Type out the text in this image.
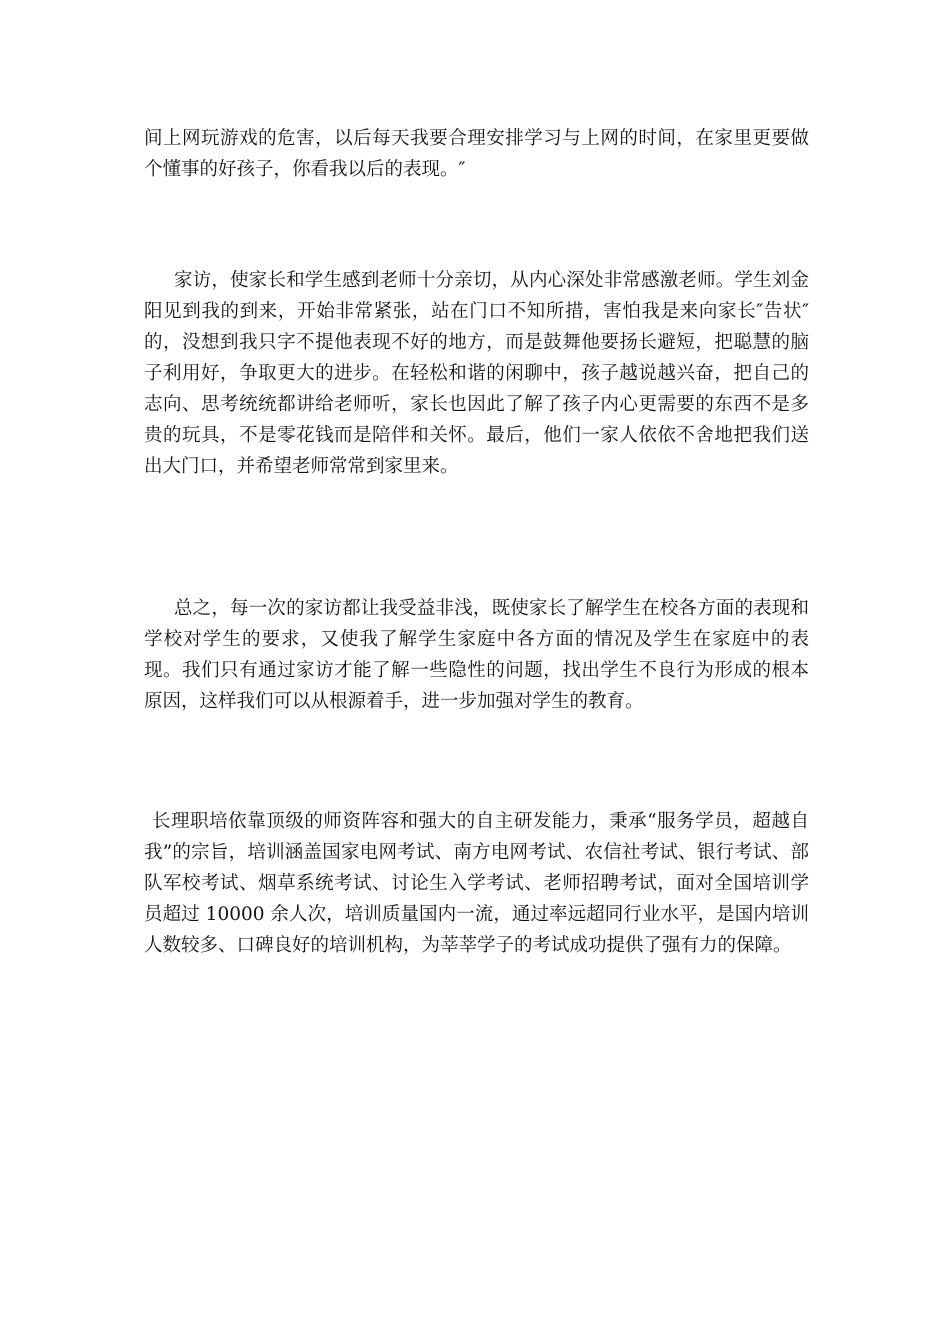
间上网玩游戏的危害，以后每天我要合理安排学习与上网的时间，在家里更要做个懂事的好孩子，你看我以后的表现。″

家访，使家长和学生感到老师十分亲切，从内心深处非常感激老师。学生刘金阳见到我的到来，开始非常紧张，站在门口不知所措，害怕我是来向家长″告状″的，没想到我只字不提他表现不好的地方，而是鼓舞他要扬长避短，把聪慧的脑子利用好，争取更大的进步。在轻松和谐的闲聊中，孩子越说越兴奋，把自己的志向、思考统统都讲给老师听，家长也因此了解了孩子内心更需要的东西不是多贵的玩具，不是零花钱而是陪伴和关怀。最后，他们一家人依依不舍地把我们送出大门口，并希望老师常常到家里来。

总之，每一次的家访都让我受益非浅，既使家长了解学生在校各方面的表现和学校对学生的要求，又使我了解学生家庭中各方面的情况及学生在家庭中的表现。我们只有通过家访才能了解一些隐性的问题，找出学生不良行为形成的根本原因，这样我们可以从根源着手，进一步加强对学生的教育。

长理职培依靠顶级的师资阵容和强大的自主研发能力，秉承“服务学员，超越自我”的宗旨，培训涵盖国家电网考试、南方电网考试、农信社考试、银行考试、部队军校考试、烟草系统考试、讨论生入学考试、老师招聘考试，面对全国培训学员超过 10000 余人次，培训质量国内一流，通过率远超同行业水平，是国内培训人数较多、口碑良好的培训机构，为莘莘学子的考试成功提供了强有力的保障。
